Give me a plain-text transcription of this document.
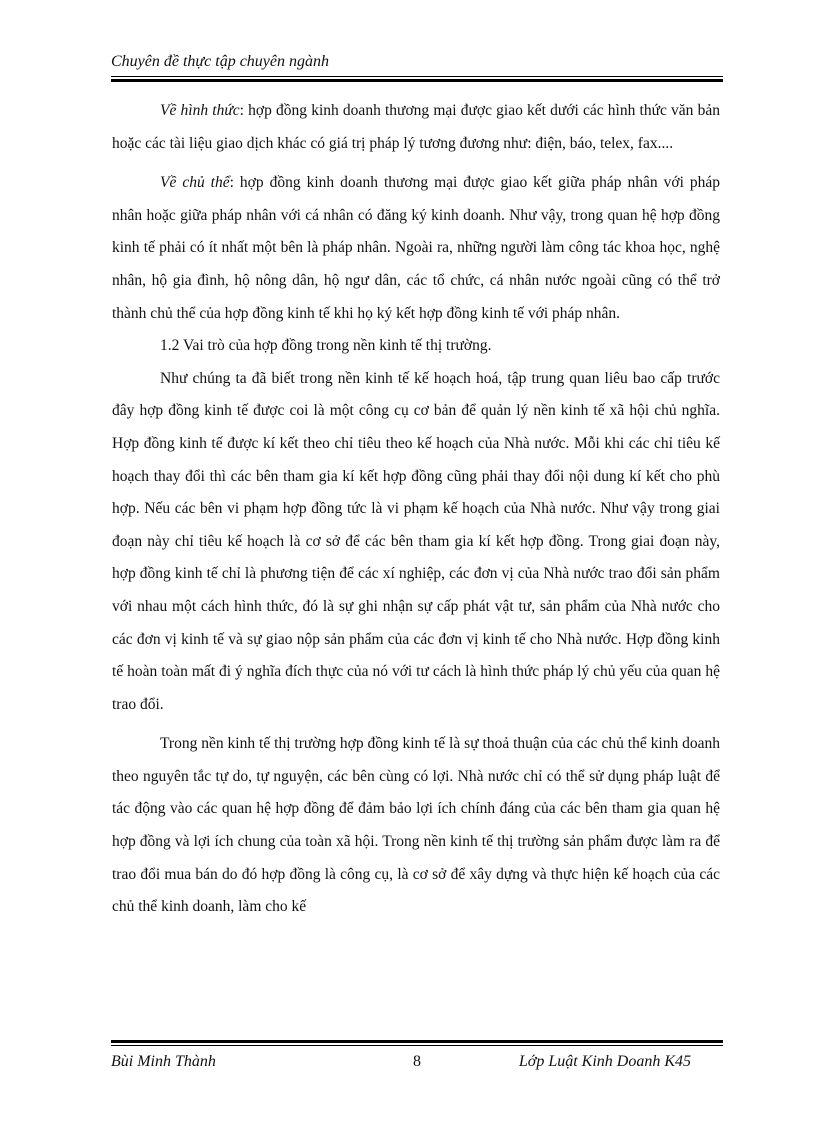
Chuyên đề thực tập chuyên ngành

Về hình thức: hợp đồng kinh doanh thương mại được giao kết dưới các hình thức văn bản hoặc các tài liệu giao dịch khác có giá trị pháp lý tương đương như: điện, báo, telex, fax....

Về chủ thể: hợp đồng kinh doanh thương mại được giao kết giữa pháp nhân với pháp nhân hoặc giữa pháp nhân với cá nhân có đăng ký kinh doanh. Như vậy, trong quan hệ hợp đồng kinh tế phải có ít nhất một bên là pháp nhân. Ngoài ra, những người làm công tác khoa học, nghệ nhân, hộ gia đình, hộ nông dân, hộ ngư dân, các tổ chức, cá nhân nước ngoài cũng có thể trở thành chủ thể của hợp đồng kinh tế khi họ ký kết hợp đồng kinh tế với pháp nhân.

1.2 Vai trò của hợp đồng trong nền kinh tế thị trường.

Như chúng ta đã biết trong nền kinh tế kế hoạch hoá, tập trung quan liêu bao cấp trước đây hợp đồng kinh tế được coi là một công cụ cơ bản để quản lý nền kinh tế xã hội chủ nghĩa. Hợp đồng kinh tế được kí kết theo chỉ tiêu theo kế hoạch của Nhà nước. Mỗi khi các chỉ tiêu kế hoạch thay đổi thì các bên tham gia kí kết hợp đồng cũng phải thay đổi nội dung kí kết cho phù hợp. Nếu các bên vi phạm hợp đồng tức là vi phạm kế hoạch của Nhà nước. Như vậy trong giai đoạn này chỉ tiêu kế hoạch là cơ sở để các bên tham gia kí kết hợp đồng. Trong giai đoạn này, hợp đồng kinh tế chỉ là phương tiện để các xí nghiệp, các đơn vị của Nhà nước trao đổi sản phẩm với nhau một cách hình thức, đó là sự ghi nhận sự cấp phát vật tư, sản phẩm của Nhà nước cho các đơn vị kinh tế và sự giao nộp sản phẩm của các đơn vị kinh tế cho Nhà nước. Hợp đồng kinh tế hoàn toàn mất đi ý nghĩa đích thực của nó với tư cách là hình thức pháp lý chủ yếu của quan hệ trao đổi.

Trong nền kinh tế thị trường hợp đồng kinh tế là sự thoả thuận của các chủ thể kinh doanh theo nguyên tắc tự do, tự nguyện, các bên cùng có lợi. Nhà nước chỉ có thể sử dụng pháp luật để tác động vào các quan hệ hợp đồng để đảm bảo lợi ích chính đáng của các bên tham gia quan hệ hợp đồng và lợi ích chung của toàn xã hội. Trong nền kinh tế thị trường sản phẩm được làm ra để trao đổi mua bán do đó hợp đồng là công cụ, là cơ sở để xây dựng và thực hiện kế hoạch của các chủ thể kinh doanh, làm cho kế

Bùi Minh Thành	8	Lớp Luật Kinh Doanh K45
